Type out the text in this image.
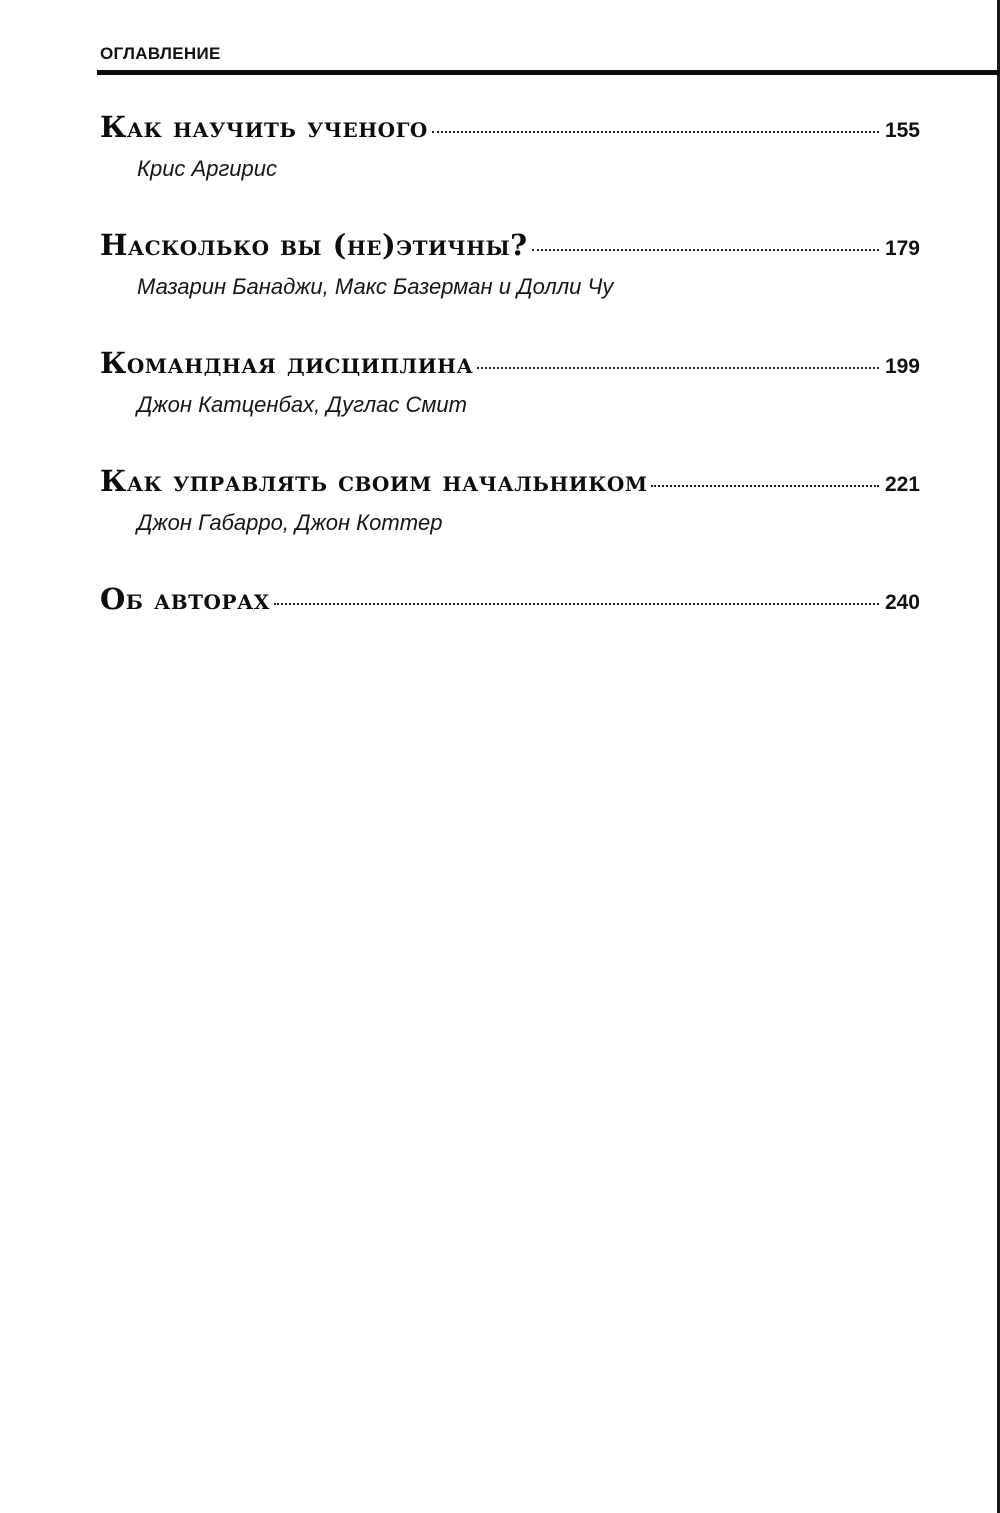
ОГЛАВЛЕНИЕ
Как научить ученого	155
Крис Аргирис
Насколько вы (не)этичны?	179
Мазарин Банаджи, Макс Базерман и Долли Чу
Командная дисциплина	199
Джон Катценбах, Дуглас Смит
Как управлять своим начальником	221
Джон Габарро, Джон Коттер
Об авторах	240
